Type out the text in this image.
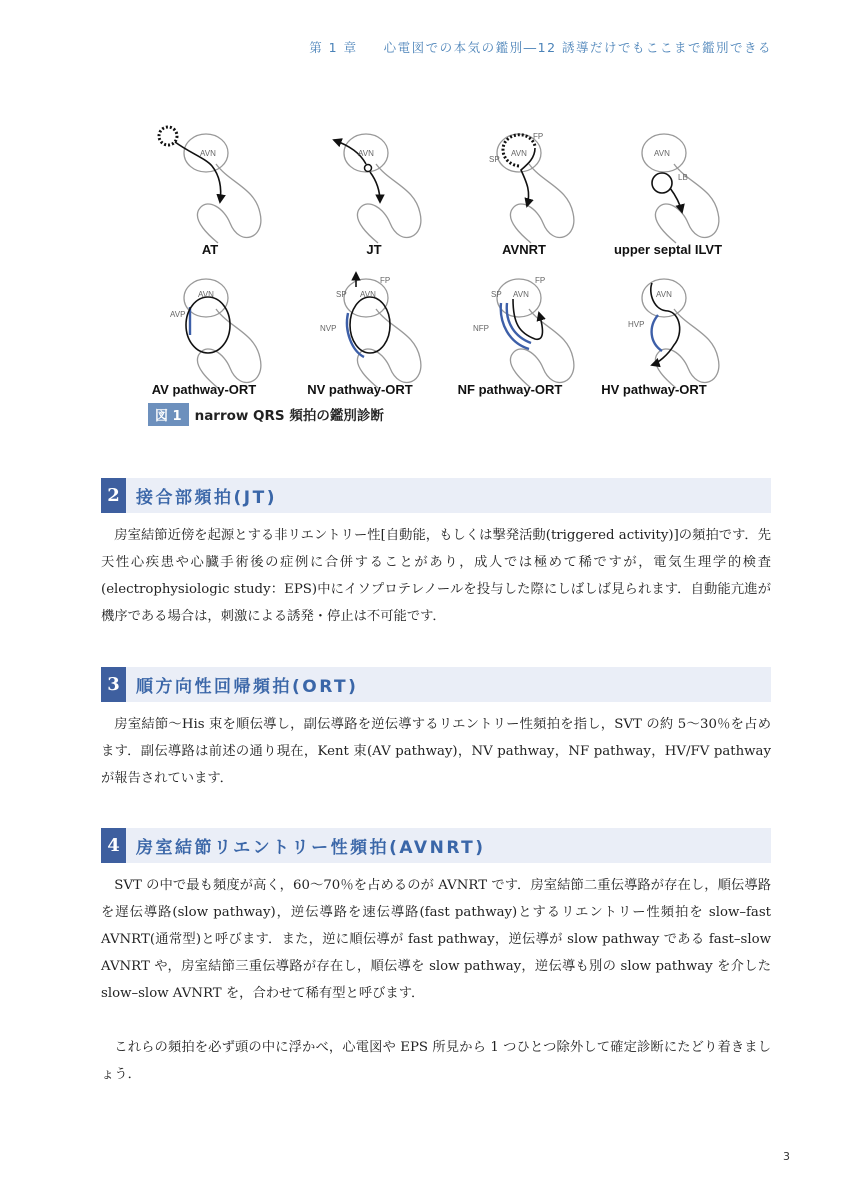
第 1 章 心電図での本気の鑑別―12 誘導だけでもここまで鑑別できる
AVN	AVN	AVN
FP
SP
AVN
LB
AVN
AVP
AVN
FP
SP
NVP
AVN
FP
SP
NFP
AVN
HVP
AT	JT	AVNRT	upper septal ILVT
AV pathway-ORT	NV pathway-ORT	NF pathway-ORT	HV pathway-ORT
図 1 narrow QRS 頻拍の鑑別診断
2 接合部頻拍(JT)

房室結節近傍を起源とする非リエントリー性[自動能，もしくは撃発活動(triggered activity)]の頻拍です．先天性心疾患や心臓手術後の症例に合併することがあり，成人では極めて稀ですが，電気生理学的検査(electrophysiologic study：EPS)中にイソプロテレノールを投与した際にしばしば見られます．自動能亢進が機序である場合は，刺激による誘発・停止は不可能です．

3 順方向性回帰頻拍(ORT)

房室結節～His 束を順伝導し，副伝導路を逆伝導するリエントリー性頻拍を指し，SVT の約 5～30％を占めます．副伝導路は前述の通り現在，Kent 束(AV pathway)，NV pathway，NF pathway，HV/FV pathway が報告されています．

4 房室結節リエントリー性頻拍(AVNRT)

SVT の中で最も頻度が高く，60～70％を占めるのが AVNRT です．房室結節二重伝導路が存在し，順伝導路を遅伝導路(slow pathway)，逆伝導路を速伝導路(fast pathway)とするリエントリー性頻拍を slow–fast AVNRT(通常型)と呼びます．また，逆に順伝導が fast pathway，逆伝導が slow pathway である fast–slow AVNRT や，房室結節三重伝導路が存在し，順伝導を slow pathway，逆伝導も別の slow pathway を介した slow–slow AVNRT を，合わせて稀有型と呼びます．

これらの頻拍を必ず頭の中に浮かべ，心電図や EPS 所見から 1 つひとつ除外して確定診断にたどり着きましょう．

3
